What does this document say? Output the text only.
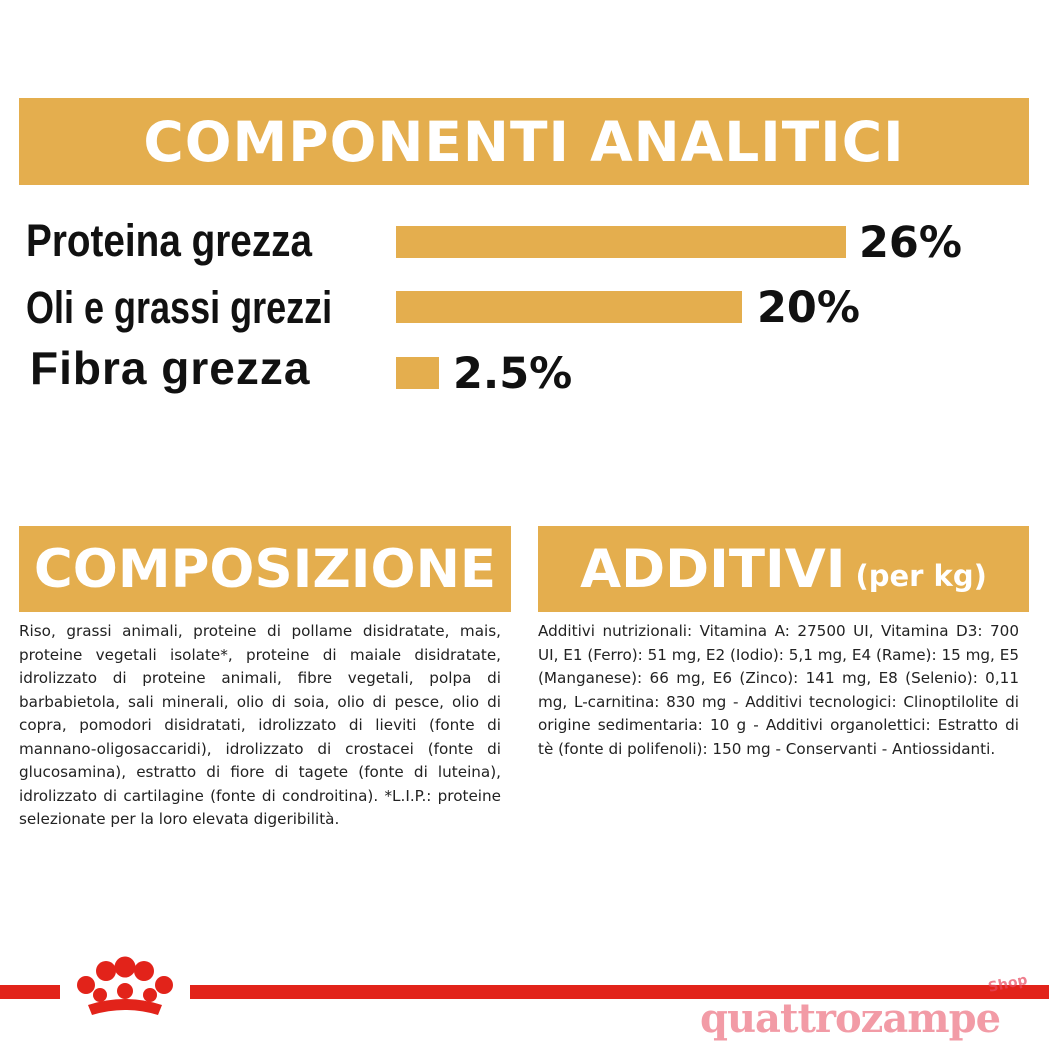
COMPONENTI ANALITICI
Proteina grezza	26%
Oli e grassi grezzi	20%
Fibra grezza	2.5%
COMPOSIZIONE
Riso, grassi animali, proteine di pollame disidratate, mais, proteine vegetali isolate*, proteine di maiale disidratate, idrolizzato di proteine animali, fibre vegetali, polpa di barbabietola, sali minerali, olio di soia, olio di pesce, olio di copra, pomodori disidratati, idrolizzato di lieviti (fonte di mannano-oligosaccaridi), idrolizzato di crostacei (fonte di glucosamina), estratto di fiore di tagete (fonte di luteina), idrolizzato di cartilagine (fonte di condroitina). *L.I.P.: proteine selezionate per la loro elevata digeribilità.
ADDITIVI (per kg)
Additivi nutrizionali: Vitamina A: 27500 UI, Vitamina D3: 700 UI, E1 (Ferro): 51 mg, E2 (Iodio): 5,1 mg, E4 (Rame): 15 mg, E5 (Manganese): 66 mg, E6 (Zinco): 141 mg, E8 (Selenio): 0,11 mg, L-carnitina: 830 mg - Additivi tecnologici: Clinoptilolite di origine sedimentaria: 10 g - Additivi organolettici: Estratto di tè (fonte di polifenoli): 150 mg - Conservanti - Antiossidanti.
quattrozampe
Shop
